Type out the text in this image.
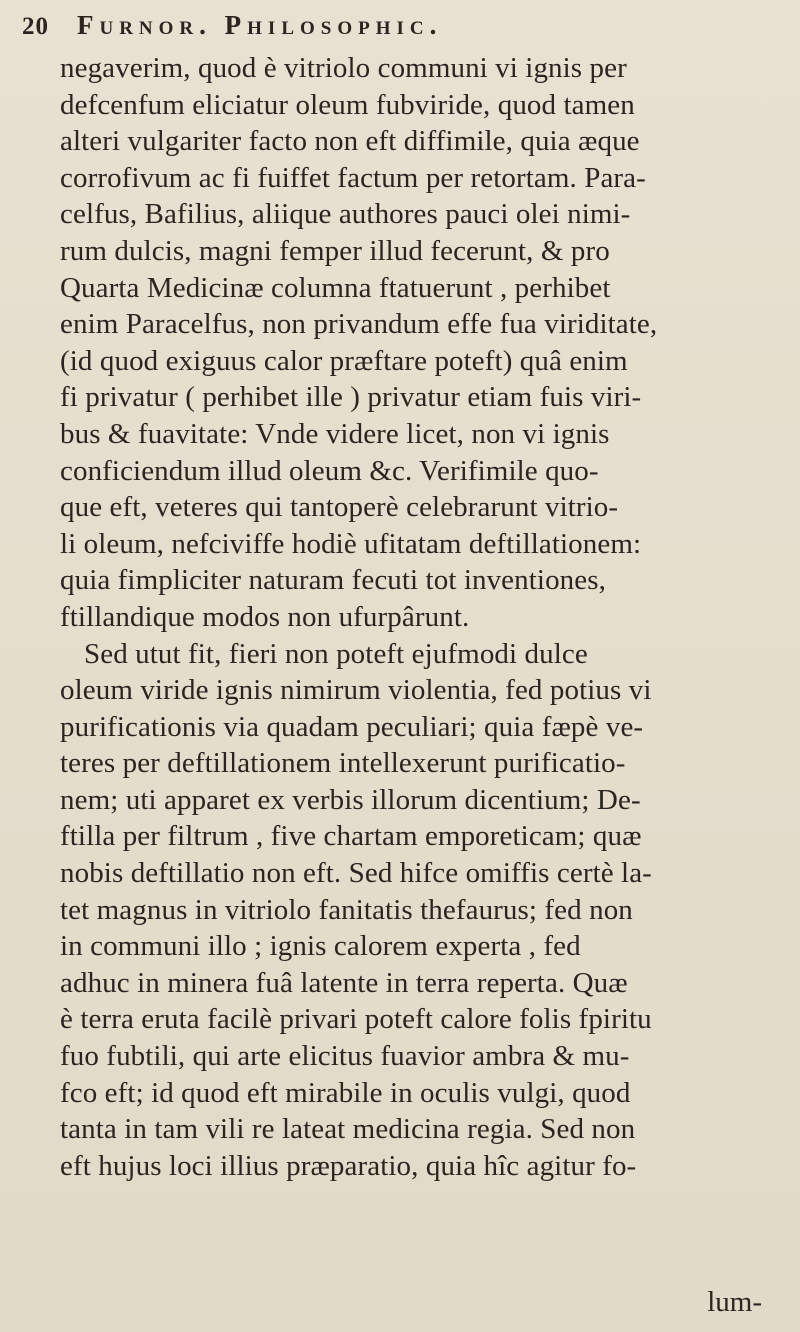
20 Furnor. Philosophic.
negaverim, quod è vitriolo communi vi ignis per
defcenfum eliciatur oleum fubviride, quod tamen
alteri vulgariter facto non eft diffimile, quia æque
corrofivum ac fi fuiffet factum per retortam. Para-
celfus, Bafilius, aliique authores pauci olei nimi-
rum dulcis, magni femper illud fecerunt, & pro
Quarta Medicinæ columna ftatuerunt , perhibet
enim Paracelfus, non privandum effe fua viriditate,
(id quod exiguus calor præftare poteft) quâ enim
fi privatur ( perhibet ille ) privatur etiam fuis viri-
bus & fuavitate: Vnde videre licet, non vi ignis
conficiendum illud oleum &c. Verifimile quo-
que eft, veteres qui tantoperè celebrarunt vitrio-
li oleum, nefciviffe hodiè ufitatam deftillationem:
quia fimpliciter naturam fecuti tot inventiones,
ftillandique modos non ufurpârunt.
Sed utut fit, fieri non poteft ejufmodi dulce
oleum viride ignis nimirum violentia, fed potius vi
purificationis via quadam peculiari; quia fæpè ve-
teres per deftillationem intellexerunt purificatio-
nem; uti apparet ex verbis illorum dicentium; De-
ftilla per filtrum , five chartam emporeticam; quæ
nobis deftillatio non eft. Sed hifce omiffis certè la-
tet magnus in vitriolo fanitatis thefaurus; fed non
in communi illo ; ignis calorem experta , fed
adhuc in minera fuâ latente in terra reperta. Quæ
è terra eruta facilè privari poteft calore folis fpiritu
fuo fubtili, qui arte elicitus fuavior ambra & mu-
fco eft; id quod eft mirabile in oculis vulgi, quod
tanta in tam vili re lateat medicina regia. Sed non
eft hujus loci illius præparatio, quia hîc agitur fo-
lum-
